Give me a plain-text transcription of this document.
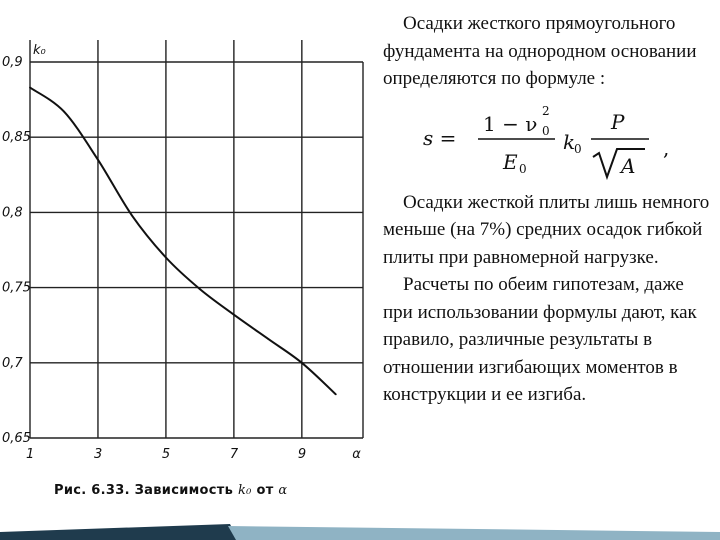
0,9
0,85
0,8
0,75
0,7
0,65
1	3	5	7	9	α
k₀
Рис. 6.33. Зависимость k₀ от α

Осадки жесткого прямоугольного фундамента на однородном основании определяются по формуле :

s =
1 − ν
2
0
E 0
k
0
P
A
,

Осадки жесткой плиты лишь немного меньше (на 7%) средних осадок гибкой плиты при равномерной нагрузке.

Расчеты по обеим гипотезам, даже при использовании формулы дают, как правило, различные результаты в отношении изгибающих моментов в конструкции и ее изгиба.
